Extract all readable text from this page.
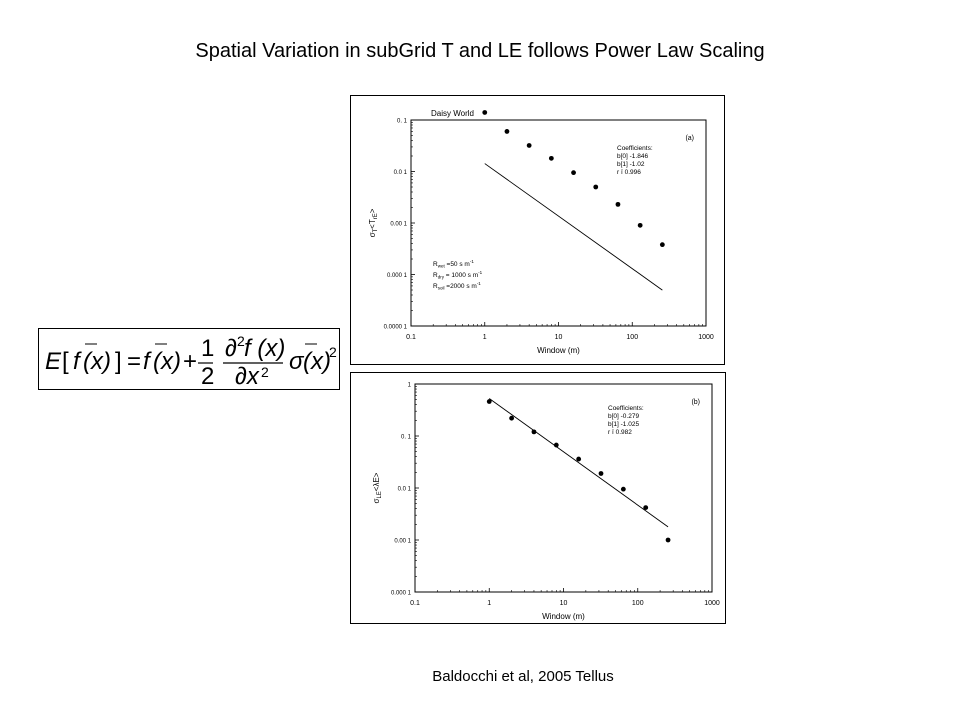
Spatial Variation in subGrid T and LE follows Power Law Scaling
E [ f (x) ] = f (x) + 1
2
∂ 2 f (x)
∂x 2 σ (x)
2
0.1	1	10	100	1000
0.0000 1
0.000 1
0.00 1
0.0 1
0. 1
Window (m)
$\sigma_T<T_{rE}>$
(a)
Coefficients:
b[0] -1.846
b[1] -1.02
r ï 0.996
Daisy World
$R_{wet} =50$ s $m^{-1}$
$R_{dry} = 1000$ s $m^{-1}$
$R_{soil} =2000$ s $m^{-1}$
0.1	1	10	100	1000
0.000 1
0.00 1
0.0 1
0. 1
1
Window (m)
$\sigma_{LE}<\lambda E>$
(b)
Coefficients:
b[0] -0.279
b[1] -1.025
r ï 0.982
Baldocchi et al, 2005 Tellus
